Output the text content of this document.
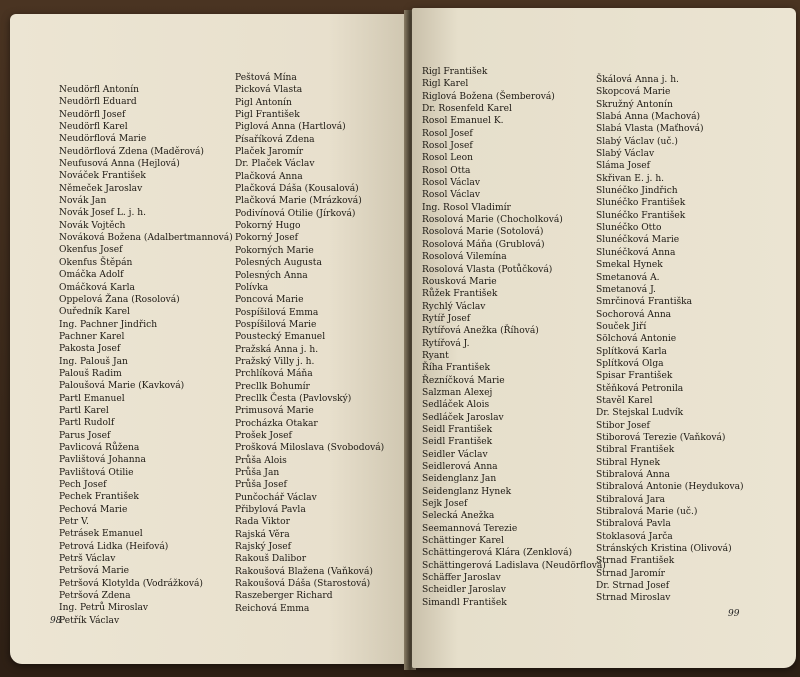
Neudörfl Antonín
Neudörfl Eduard
Neudörfl Josef
Neudörfl Karel
Neudörflová Marie
Neudörflová Zdena (Maděrová)
Neufusová Anna (Hejlová)
Nováček František
Němeček Jaroslav
Novák Jan
Novák Josef L. j. h.
Novák Vojtěch
Nováková Božena (Adalbertmannová)
Okenfus Josef
Okenfus Štěpán
Omáčka Adolf
Omáčková Karla
Oppelová Žana (Rosolová)
Ouředník Karel
Ing. Pachner Jindřich
Pachner Karel
Pakosta Josef
Ing. Palouš Jan
Palouš Radim
Paloušová Marie (Kavková)
Partl Emanuel
Partl Karel
Partl Rudolf
Parus Josef
Pavlicová Růžena
Pavlištová Johanna
Pavlištová Otilie
Pech Josef
Pechek František
Pechová Marie
Petr V.
Petrásek Emanuel
Petrová Lidka (Heifová)
Petrš Václav
Petršová Marie
Petršová Klotylda (Vodrážková)
Petršová Zdena
Ing. Petrů Miroslav
Petřík Václav
Peštová Mína
Picková Vlasta
Pigl Antonín
Pigl František
Piglová Anna (Hartlová)
Písaříková Zdena
Plaček Jaromír
Dr. Plaček Václav
Plačková Anna
Plačková Dáša (Kousalová)
Plačková Marie (Mrázková)
Podivínová Otilie (Jírková)
Pokorný Hugo
Pokorný Josef
Pokorných Marie
Polesných Augusta
Polesných Anna
Polívka
Poncová Marie
Pospíšilová Emma
Pospíšilová Marie
Poustecký Emanuel
Pražská Anna j. h.
Pražský Villy j. h.
Prchlíková Máňa
Precllk Bohumír
Precllk Česta (Pavlovský)
Primusová Marie
Procházka Otakar
Prošek Josef
Prošková Miloslava (Svobodová)
Průša Alois
Průša Jan
Průša Josef
Punčochář Václav
Přibylová Pavla
Rada Viktor
Rajská Věra
Rajský Josef
Rakouš Dalibor
Rakoušová Blažena (Vaňková)
Rakoušová Dáša (Starostová)
Raszeberger Richard
Reichová Emma
98
Rigl František
Rigl Karel
Riglová Božena (Šemberová)
Dr. Rosenfeld Karel
Rosol Emanuel K.
Rosol Josef
Rosol Josef
Rosol Leon
Rosol Otta
Rosol Václav
Rosol Václav
Ing. Rosol Vladimír
Rosolová Marie (Chocholková)
Rosolová Marie (Sotolová)
Rosolová Máňa (Grublová)
Rosolová Vilemína
Rosolová Vlasta (Potůčková)
Rousková Marie
Růžek František
Rychlý Václav
Rytíř Josef
Rytířová Anežka (Říhová)
Rytířová J.
Ryant
Říha František
Řezníčková Marie
Salzman Alexej
Sedláček Alois
Sedláček Jaroslav
Seidl František
Seidl František
Seidler Václav
Seidlerová Anna
Seidenglanz Jan
Seidenglanz Hynek
Sejk Josef
Selecká Anežka
Seemannová Terezie
Schättinger Karel
Schättingerová Klára (Zenklová)
Schättingerová Ladislava (Neudörflová)
Schäffer Jaroslav
Scheidler Jaroslav
Simandl František
Škálová Anna j. h.
Skopcová Marie
Skružný Antonín
Slabá Anna (Machová)
Slabá Vlasta (Maťhová)
Slabý Václav (uč.)
Slabý Václav
Slámа Josef
Skřivan E. j. h.
Slunéčko Jindřich
Slunéčko František
Slunéčko František
Slunéčko Otto
Slunéčková Marie
Slunéčková Anna
Smekal Hynek
Smetanová A.
Smetanová J.
Smrčinová Františka
Sochorová Anna
Souček Jiří
Sölchová Antonie
Splítková Karla
Splítková Olga
Spisar František
Stěňková Petronila
Stavěl Karel
Dr. Stejskal Ludvík
Stibor Josef
Stiborová Terezie (Vaňková)
Stibral František
Stibral Hynek
Stibralová Anna
Stibralová Antonie (Heydukova)
Stibralová Jara
Stibralová Marie (uč.)
Stibralová Pavla
Stoklasová Jarča
Stránských Kristina (Olivová)
Strnad František
Strnad Jaromír
Dr. Strnad Josef
Strnad Miroslav
99
